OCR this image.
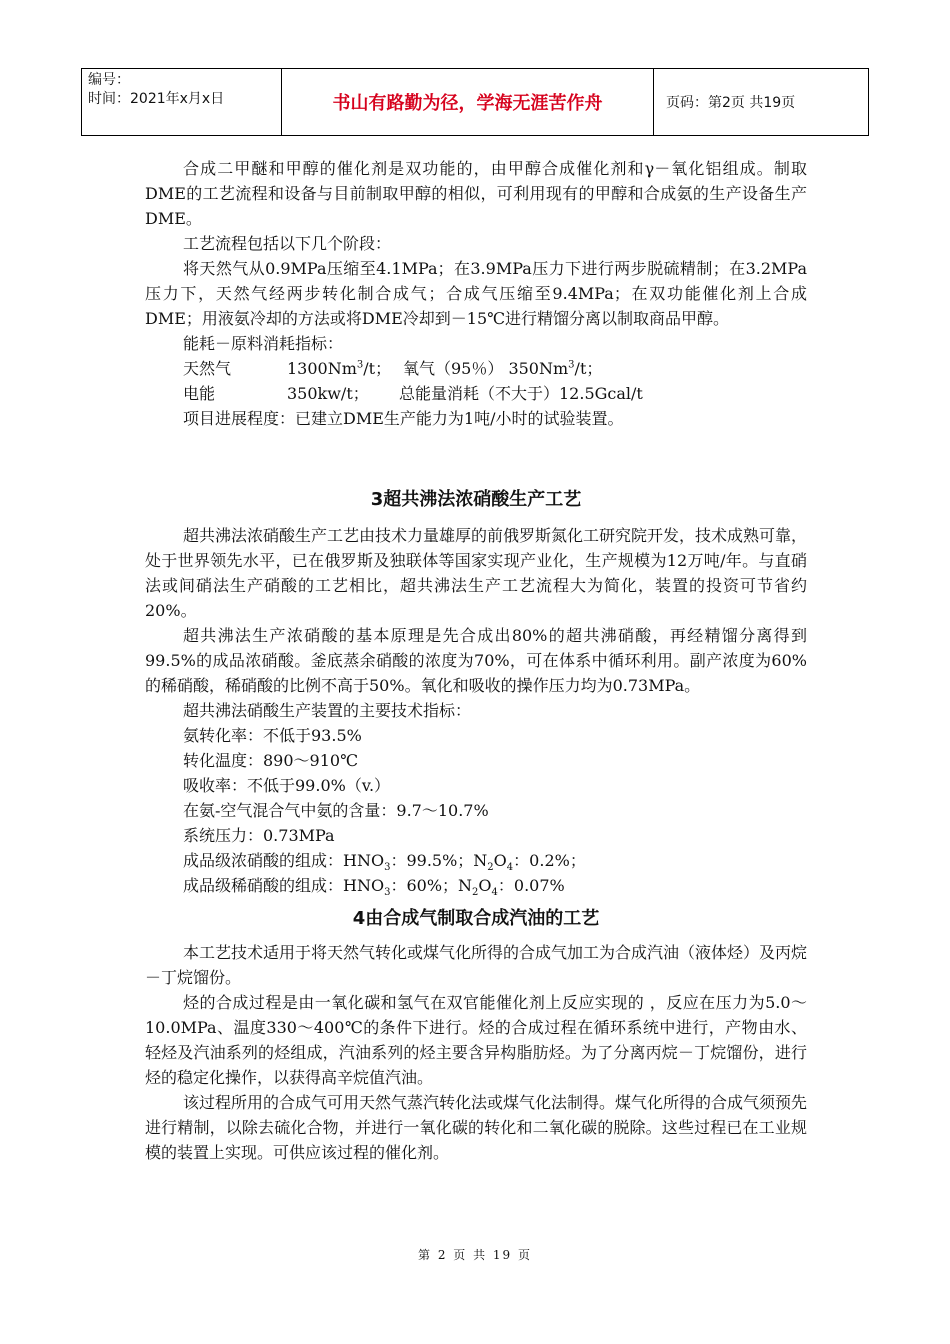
编号：
时间：2021年x月x日	书山有路勤为径，学海无涯苦作舟	页码：第2页 共19页

合成二甲醚和甲醇的催化剂是双功能的，由甲醇合成催化剂和γ－氧化铝组成。制取DME的工艺流程和设备与目前制取甲醇的相似，可利用现有的甲醇和合成氨的生产设备生产DME。

工艺流程包括以下几个阶段：

将天然气从0.9MPa压缩至4.1MPa；在3.9MPa压力下进行两步脱硫精制；在3.2MPa压力下，天然气经两步转化制合成气；合成气压缩至9.4MPa；在双功能催化剂上合成DME；用液氨冷却的方法或将DME冷却到－15℃进行精馏分离以制取商品甲醇。

能耗－原料消耗指标：

天然气	1300Nm$^3$/t； 氧气（95％） 350Nm$^3$/t；

电能	350kw/t； 总能量消耗（不大于）12.5Gcal/t

项目进展程度：已建立DME生产能力为1吨/小时的试验装置。

3超共沸法浓硝酸生产工艺

超共沸法浓硝酸生产工艺由技术力量雄厚的前俄罗斯氮化工研究院开发，技术成熟可靠，处于世界领先水平，已在俄罗斯及独联体等国家实现产业化，生产规模为12万吨/年。与直硝法或间硝法生产硝酸的工艺相比，超共沸法生产工艺流程大为简化，装置的投资可节省约20%。

超共沸法生产浓硝酸的基本原理是先合成出80%的超共沸硝酸，再经精馏分离得到99.5%的成品浓硝酸。釜底蒸余硝酸的浓度为70%，可在体系中循环利用。副产浓度为60%的稀硝酸，稀硝酸的比例不高于50%。氧化和吸收的操作压力均为0.73MPa。

超共沸法硝酸生产装置的主要技术指标：

氨转化率：不低于93.5%

转化温度：890～910℃

吸收率：不低于99.0%（v.）

在氨-空气混合气中氨的含量：9.7～10.7%

系统压力：0.73MPa

成品级浓硝酸的组成：$HNO_3$：99.5%；$N_2O_4$：0.2%；

成品级稀硝酸的组成：$HNO_3$：60%；$N_2O_4$：0.07%

4由合成气制取合成汽油的工艺

本工艺技术适用于将天然气转化或煤气化所得的合成气加工为合成汽油（液体烃）及丙烷－丁烷馏份。

烃的合成过程是由一氧化碳和氢气在双官能催化剂上反应实现的 ，反应在压力为5.0～10.0MPa、温度330～400℃的条件下进行。烃的合成过程在循环系统中进行，产物由水、轻烃及汽油系列的烃组成，汽油系列的烃主要含异构脂肪烃。为了分离丙烷－丁烷馏份，进行烃的稳定化操作，以获得高辛烷值汽油。

该过程所用的合成气可用天然气蒸汽转化法或煤气化法制得。煤气化所得的合成气须预先进行精制，以除去硫化合物，并进行一氧化碳的转化和二氧化碳的脱除。这些过程已在工业规模的装置上实现。可供应该过程的催化剂。

第 2 页 共 19 页
